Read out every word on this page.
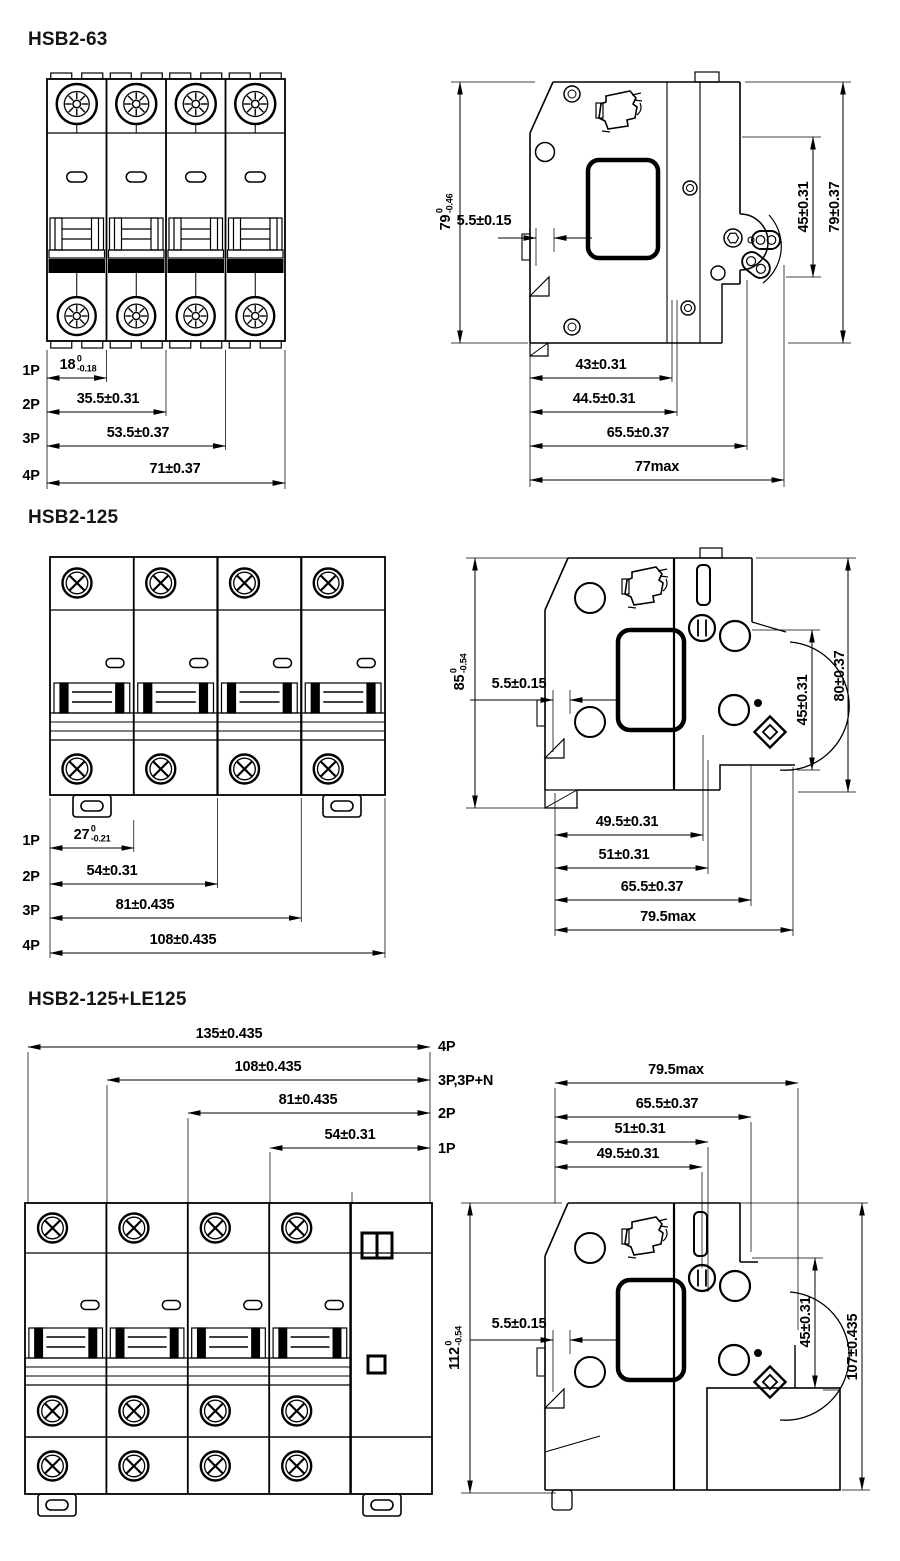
HSB2-63
HSB2-125
HSB2-125+LE125
1P
2P
3P
4P
18 0
-0.18
35.5±0.31
53.5±0.37
71±0.37
79
0 -0.46
5.5±0.15	45±0.31 79±0.37
43±0.31
44.5±0.31
65.5±0.37
77max
1P
2P
3P
4P
27 0
-0.21
54±0.31
81±0.435
108±0.435
85
0 -0.54
5.5±0.15	45±0.31 80±0.37
49.5±0.31
51±0.31
65.5±0.37
79.5max
135±0.435
108±0.435
81±0.435
54±0.31
4P
3P,3P+N
2P
1P
79.5max
65.5±0.37
51±0.31
49.5±0.31
112
0 -0.54
5.5±0.15	45±0.31 107±0.435
